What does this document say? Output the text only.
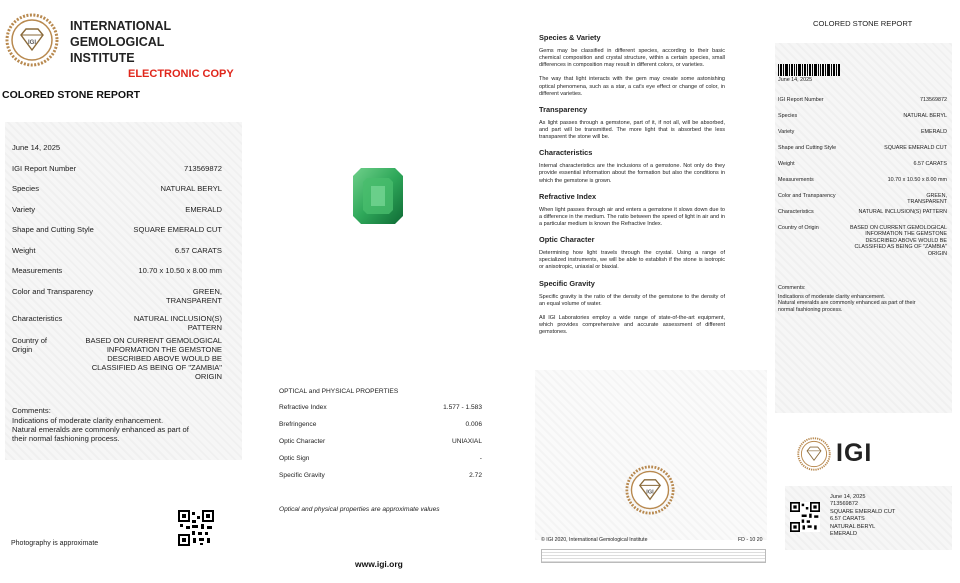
IGI
INTERNATIONAL
GEMOLOGICAL
INSTITUTE
ELECTRONIC COPY
COLORED STONE REPORT
June 14, 2025
IGI Report Number	713569872
Species	NATURAL BERYL
Variety	EMERALD
Shape and Cutting Style	SQUARE EMERALD CUT
Weight	6.57 CARATS
Measurements	10.70 x 10.50 x 8.00 mm
Color and Transparency	GREEN,
TRANSPARENT
Characteristics	NATURAL INCLUSION(S)
PATTERN
Country of
Origin
BASED ON CURRENT GEMOLOGICAL
INFORMATION THE GEMSTONE
DESCRIBED ABOVE WOULD BE
CLASSIFIED AS BEING OF "ZAMBIA"
ORIGIN
Comments:
Indications of moderate clarity enhancement.
Natural emeralds are commonly enhanced as part of
their normal fashioning process.
Photography is approximate
OPTICAL and PHYSICAL PROPERTIES
Refractive Index	1.577 - 1.583
Brefringence	0.006
Optic Character	UNIAXIAL
Optic Sign	-
Specific Gravity	2.72
Optical and physical properties are approximate values
www.igi.org
Species & Variety

Gems may be classified in different species, according to their basic chemical composition and crystal structure, within a certain species, small differences in composition may result in different colors, or varieties.

The way that light interacts with the gem may create some astonishing optical phenomena, such as a star, a cat's eye effect or change of color, in different varieties.

Transparency

As light passes through a gemstone, part of it, if not all, will be absorbed, and part will be transmitted. The more light that is absorbed the less transparent the stone will be.

Characteristics

Internal characteristics are the inclusions of a gemstone. Not only do they provide essential information about the formation but also the conditions in which the gemstone is grown.

Refractive Index

When light passes through air and enters a gemstone it slows down due to a difference in the medium. The ratio between the speed of light in air and in a particular medium is known the Refractive Index.

Optic Character

Determining how light travels through the crystal. Using a range of specialized instruments, we will be able to establish if the stone is isotropic or anisotropic, uniaxial or biaxial.

Specific Gravity

Specific gravity is the ratio of the density of the gemstone to the density of an equal volume of water.

All IGI Laboratories employ a wide range of state-of-the-art equipment, which provides comprehensive and accurate assessment of different gemstones.

IGI
© IGI 2020, International Gemological Institute	FD - 10 20
COLORED STONE REPORT
June 14, 2025
IGI Report Number	713569872
Species	NATURAL BERYL
Variety	EMERALD
Shape and Cutting Style	SQUARE EMERALD CUT
Weight	6.57 CARATS
Measurements	10.70 x 10.50 x 8.00 mm
Color and Transparency	GREEN,
TRANSPARENT
Characteristics	NATURAL INCLUSION(S) PATTERN
Country of Origin	BASED ON CURRENT GEMOLOGICAL
INFORMATION THE GEMSTONE
DESCRIBED ABOVE WOULD BE
CLASSIFIED AS BEING OF "ZAMBIA"
ORIGIN
Comments:
Indications of moderate clarity enhancement.
Natural emeralds are commonly enhanced as part of their
normal fashioning process.
IGI
June 14, 2025
713569872
SQUARE EMERALD CUT
6.57 CARATS
NATURAL BERYL
EMERALD
